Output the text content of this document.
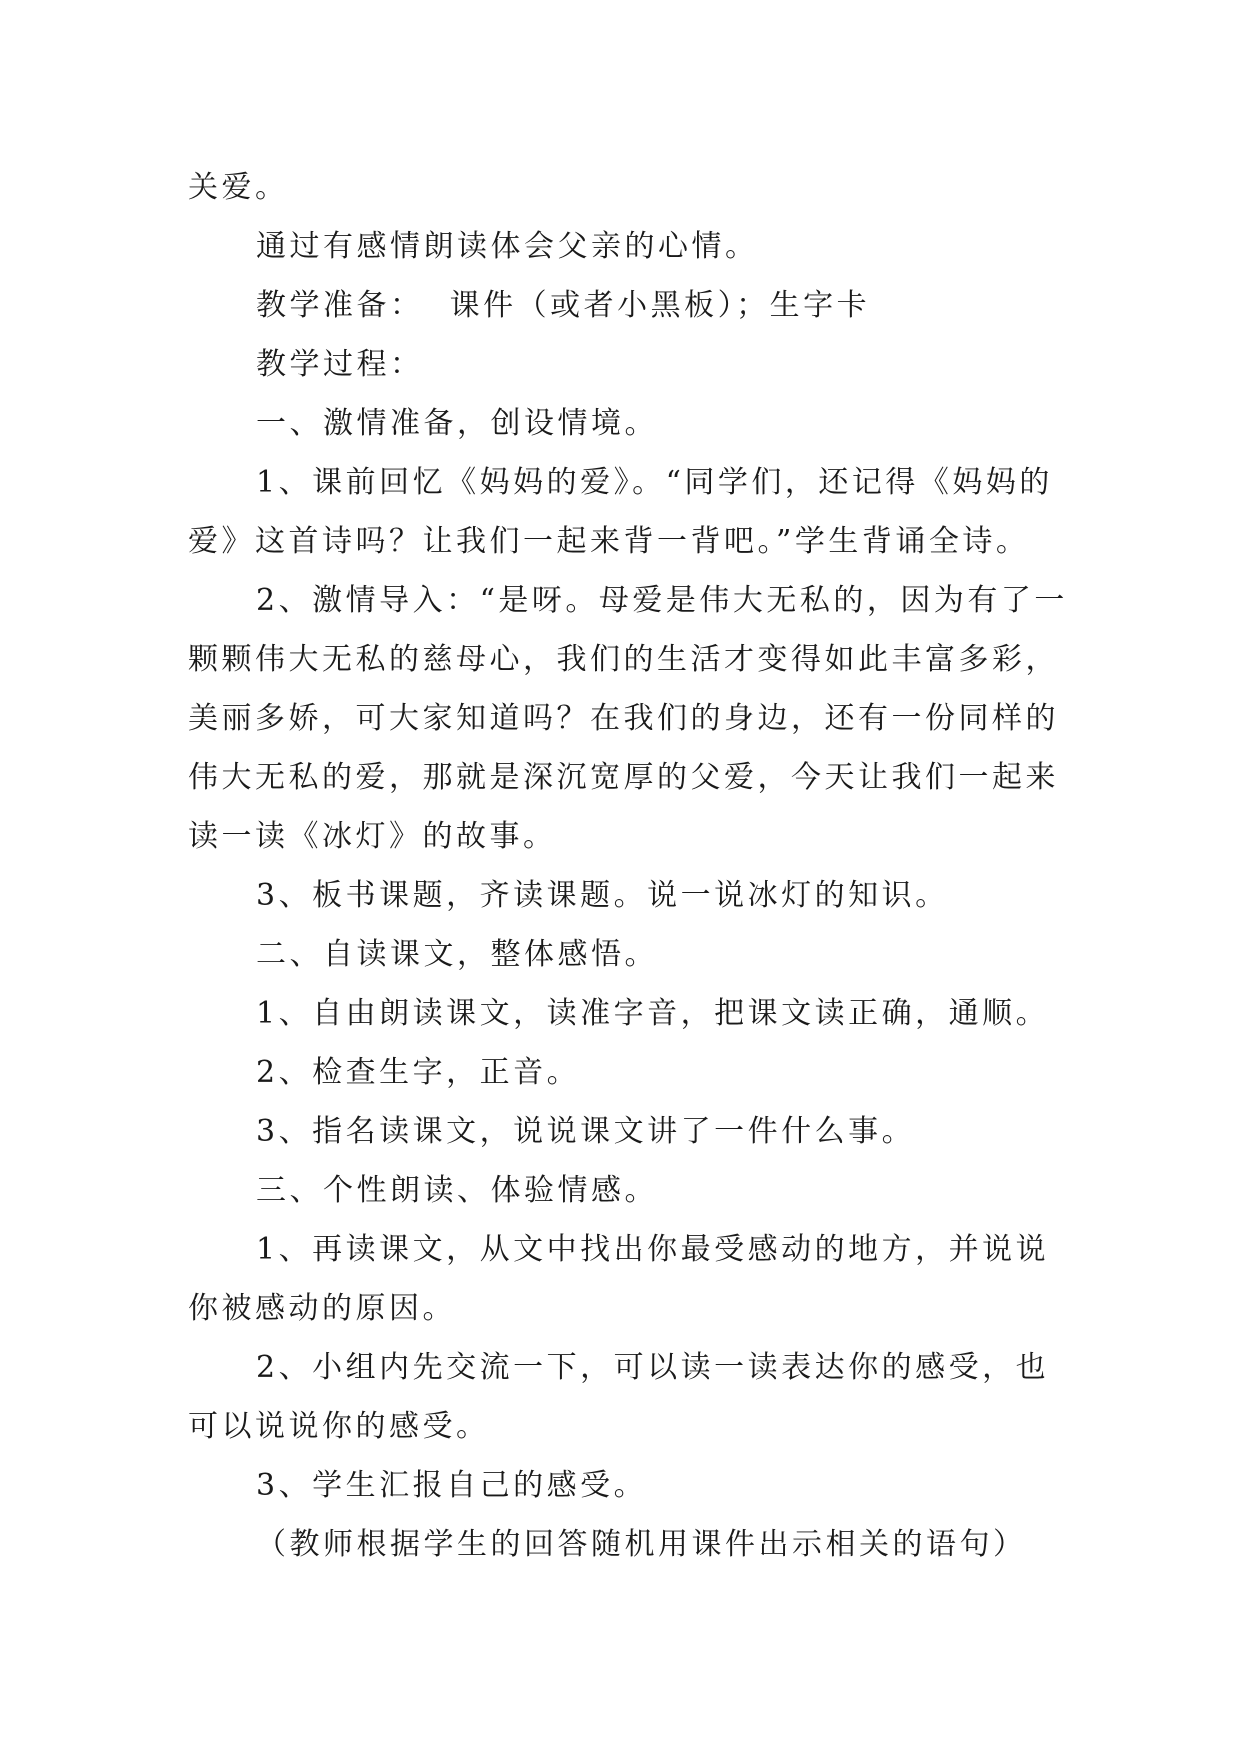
关爱。

通过有感情朗读体会父亲的心情。

教学准备：  课件（或者小黑板）；生字卡

教学过程：

一、激情准备，创设情境。

1、课前回忆《妈妈的爱》。“同学们，还记得《妈妈的爱》这首诗吗？让我们一起来背一背吧。”学生背诵全诗。

2、激情导入：“是呀。母爱是伟大无私的，因为有了一颗颗伟大无私的慈母心，我们的生活才变得如此丰富多彩，美丽多娇，可大家知道吗？在我们的身边，还有一份同样的伟大无私的爱，那就是深沉宽厚的父爱，今天让我们一起来读一读《冰灯》的故事。

3、板书课题，齐读课题。说一说冰灯的知识。

二、自读课文，整体感悟。

1、自由朗读课文，读准字音，把课文读正确，通顺。

2、检查生字，正音。

3、指名读课文，说说课文讲了一件什么事。

三、个性朗读、体验情感。

1、再读课文，从文中找出你最受感动的地方，并说说你被感动的原因。

2、小组内先交流一下，可以读一读表达你的感受，也可以说说你的感受。

3、学生汇报自己的感受。

（教师根据学生的回答随机用课件出示相关的语句）
